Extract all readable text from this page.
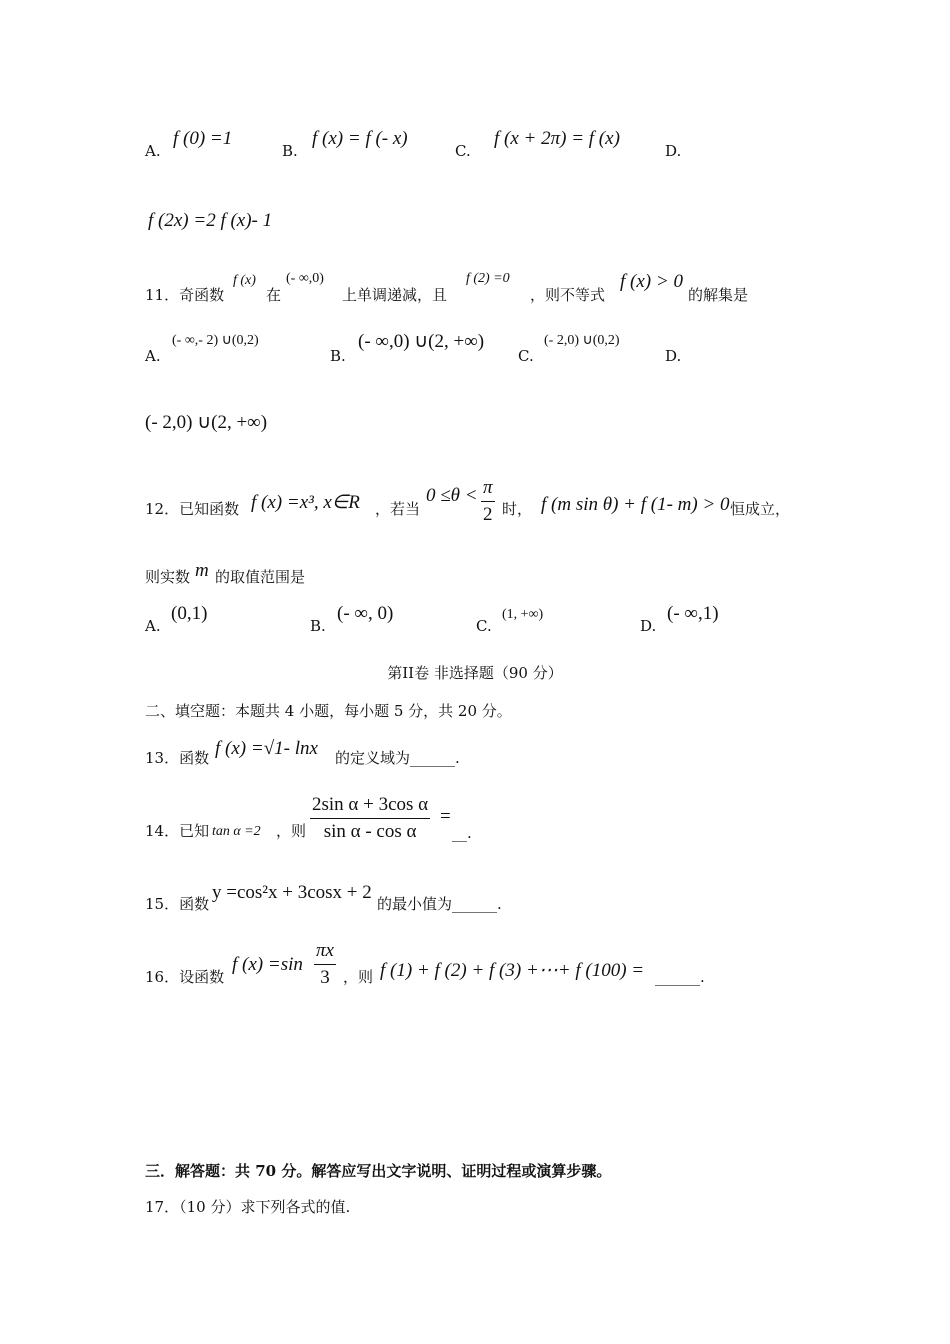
A.
f (0) =1
B.
f (x) = f (- x)
C.
f (x + 2π) = f (x)
D.
f (2x) =2 f (x)- 1
11．奇函数
f (x)
在
(- ∞,0)
上单调递减，且
f (2) =0
，则不等式
f (x) > 0
的解集是
A.
(- ∞,- 2) ∪(0,2)
B.
(- ∞,0) ∪(2, +∞)
C.
(- 2,0) ∪(0,2)
D.
(- 2,0) ∪(2, +∞)
12．已知函数 f (x) =x³, x∈R ，若当
0 ≤θ < π
2 时， f (m sin θ) + f (1- m) > 0 恒成立，
则实数 m 的取值范围是
A.
(0,1)
B.
(- ∞, 0)
C.
(1, +∞)
D.
(- ∞,1)
第II卷 非选择题（90 分）
二、填空题：本题共 4 小题，每小题 5 分，共 20 分。
13．函数 f (x) =√1- lnx 的定义域为______.
14．已知 tan α =2 ，则
2sin α + 3cos α
sin α - cos α
=
__.
15．函数
y =cos²x + 3cosx + 2
的最小值为______.
16．设函数
f (x) =sin
πx
3 ，则 f (1) + f (2) + f (3) +⋯+ f (100) = ______.
三．解答题：共 70 分。解答应写出文字说明、证明过程或演算步骤。
17．（10 分）求下列各式的值.
